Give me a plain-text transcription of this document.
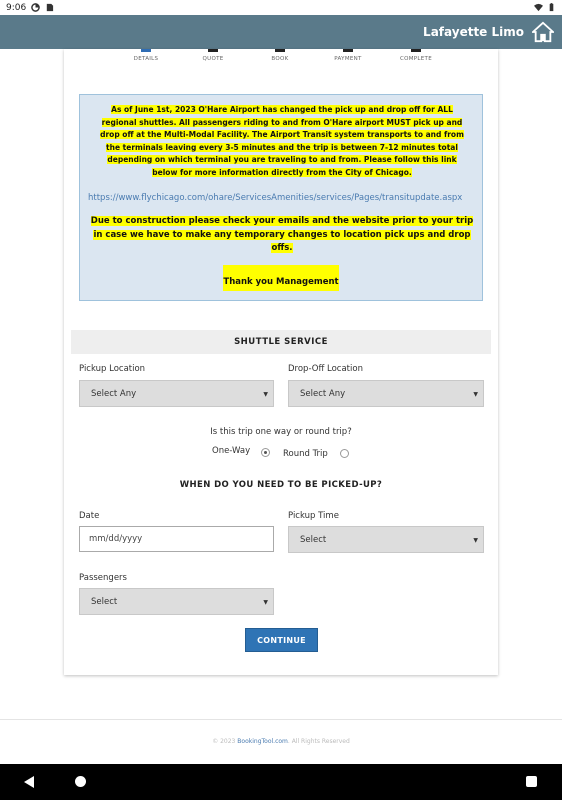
9:06
Lafayette Limo
DETAILS	QUOTE	BOOK	PAYMENT	COMPLETE
As of June 1st, 2023 O'Hare Airport has changed the pick up and drop off for ALL regional shuttles. All passengers riding to and from O'Hare airport MUST pick up and drop off at the Multi-Modal Facility. The Airport Transit system transports to and from the terminals leaving every 3-5 minutes and the trip is between 7-12 minutes total depending on which terminal you are traveling to and from. Please follow this link below for more information directly from the City of Chicago.
https://www.flychicago.com/ohare/ServicesAmenities/services/Pages/transitupdate.aspx
Due to construction please check your emails and the website prior to your trip in case we have to make any temporary changes to location pick ups and drop offs.
Thank you Management
SHUTTLE SERVICE
Pickup Location
Select Any	▼
Drop-Off Location
Select Any	▼
Is this trip one way or round trip?
One-Way	Round Trip
WHEN DO YOU NEED TO BE PICKED-UP?
Date
mm/dd/yyyy
Pickup Time
Select	▼
Passengers
Select	▼
CONTINUE
© 2023 BookingTool.com. All Rights Reserved
